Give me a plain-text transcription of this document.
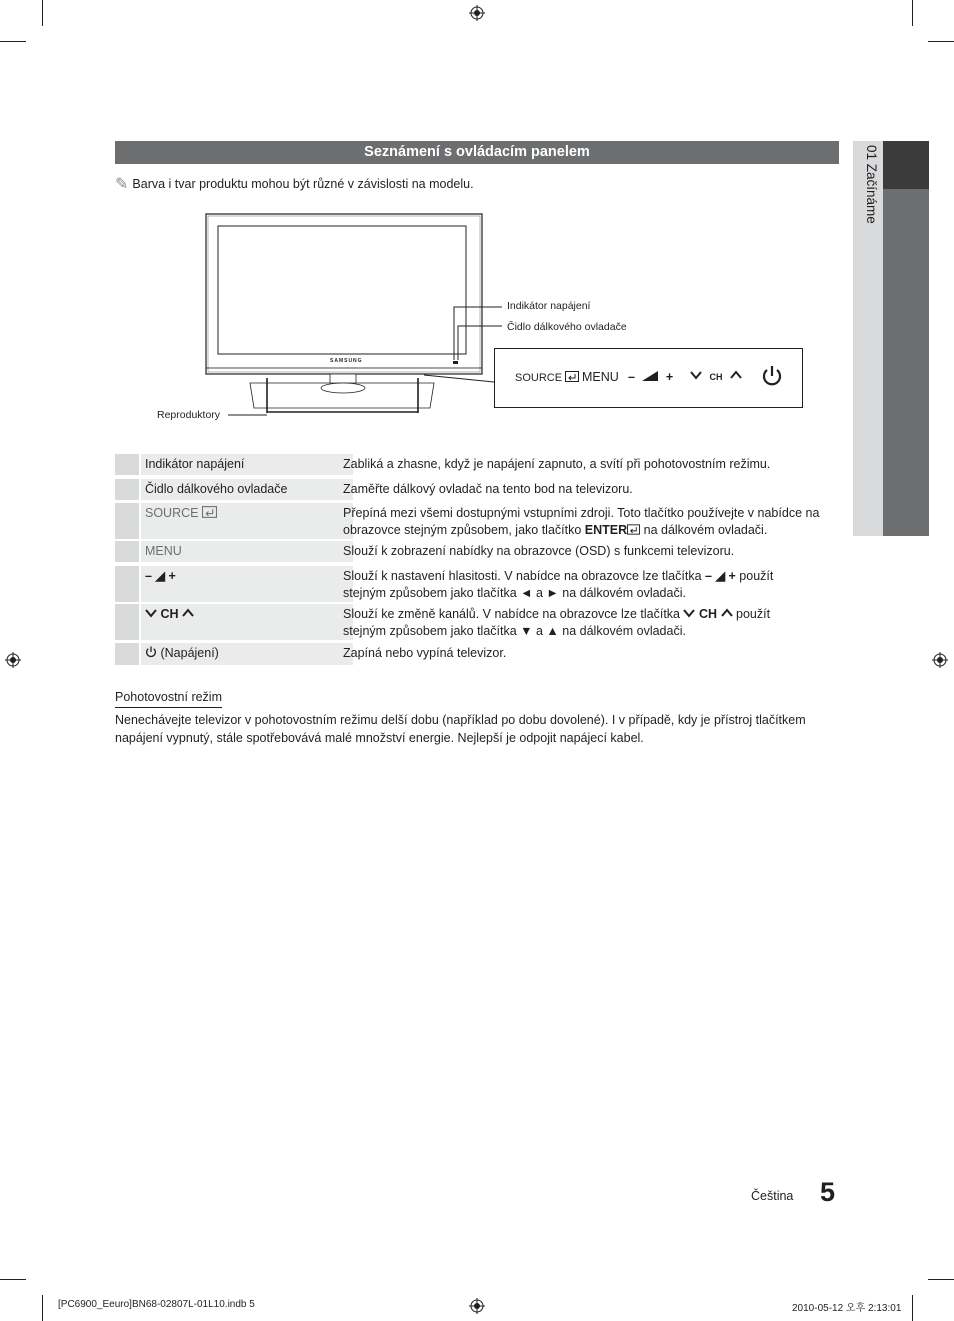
Seznámení s ovládacím panelem
✎ Barva i tvar produktu mohou být různé v závislosti na modelu.	01 Začínáme
SAMSUNG
Indikátor napájení
Čidlo dálkového ovladače
Reproduktory
SOURCE	MENU – +	CH
Indikátor napájení	Zabliká a zhasne, když je napájení zapnuto, a svítí při pohotovostním režimu.
Čidlo dálkového ovladače	Zaměřte dálkový ovladač na tento bod na televizoru.
SOURCE	Přepíná mezi všemi dostupnými vstupními zdroji. Toto tlačítko používejte v nabídce na
obrazovce stejným způsobem, jako tlačítko ENTER na dálkovém ovladači.
MENU	Slouží k zobrazení nabídky na obrazovce (OSD) s funkcemi televizoru.
– ◢ +	Slouží k nastavení hlasitosti. V nabídce na obrazovce lze tlačítka – ◢ + použít
stejným způsobem jako tlačítka ◄ a ► na dálkovém ovladači.
CH	Slouží ke změně kanálů. V nabídce na obrazovce lze tlačítka  CH  použít
stejným způsobem jako tlačítka ▼ a ▲ na dálkovém ovladači.
(Napájení)	Zapíná nebo vypíná televizor.
Pohotovostní režim
Nenechávejte televizor v pohotovostním režimu delší dobu (například po dobu dovolené). I v případě, kdy je přístroj tlačítkem
napájení vypnutý, stále spotřebovává malé množství energie. Nejlepší je odpojit napájecí kabel.
Čeština 5
[PC6900_Eeuro]BN68-02807L-01L10.indb 5	2010-05-12 오후 2:13:01
